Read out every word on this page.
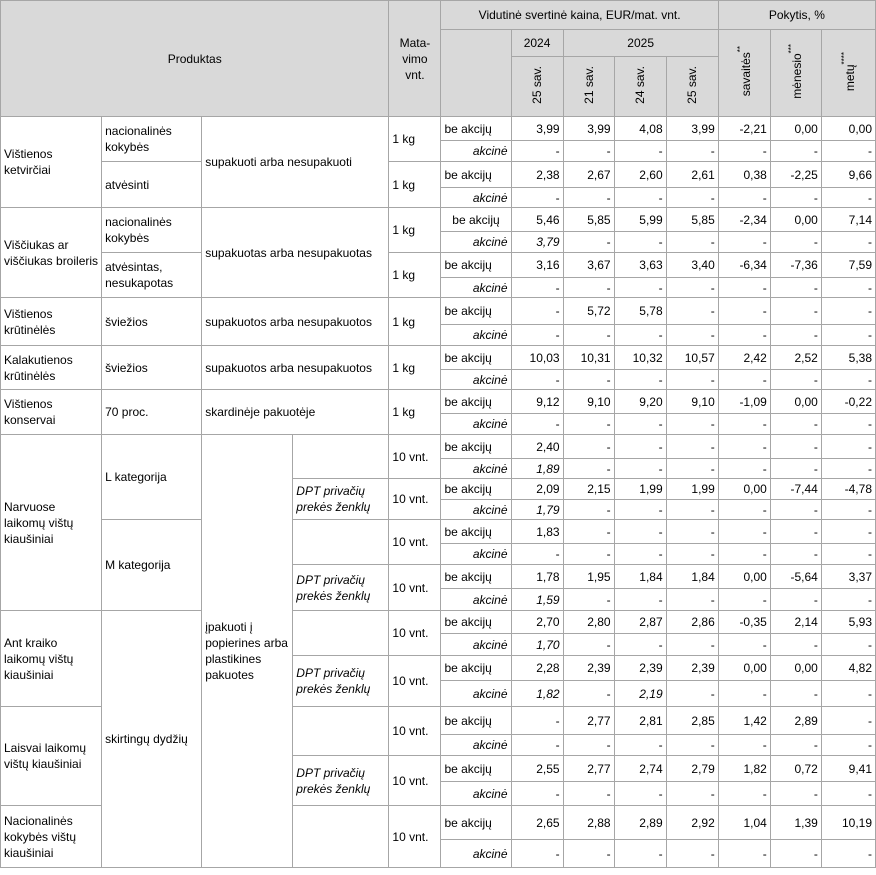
Produktas				Mata-vimo vnt.	Vidutinė svertinė kaina, EUR/mat. vnt.					Pokytis, %		
						2024	2025			savaitės**	mėnesio***	metų****
						25 sav.	21 sav.	24 sav.	25 sav.			
Vištienos ketvirčiai	nacionalinės kokybės	supakuoti arba nesupakuoti		1 kg	be akcijų	3,99	3,99	4,08	3,99	-2,21	0,00	0,00
					akcinė	-	-	-	-	-	-	-
	atvėsinti			1 kg	be akcijų	2,38	2,67	2,60	2,61	0,38	-2,25	9,66
					akcinė	-	-	-	-	-	-	-
Viščiukas ar viščiukas broileris	nacionalinės kokybės	supakuotas arba nesupakuotas		1 kg	be akcijų	5,46	5,85	5,99	5,85	-2,34	0,00	7,14
					akcinė	3,79	-	-	-	-	-	-
	atvėsintas, nesukapotas			1 kg	be akcijų	3,16	3,67	3,63	3,40	-6,34	-7,36	7,59
					akcinė	-	-	-	-	-	-	-
Vištienos krūtinėlės	šviežios	supakuotos arba nesupakuotos		1 kg	be akcijų	-	5,72	5,78	-	-	-	-
					akcinė	-	-	-	-	-	-	-
Kalakutienos krūtinėlės	šviežios	supakuotos arba nesupakuotos		1 kg	be akcijų	10,03	10,31	10,32	10,57	2,42	2,52	5,38
					akcinė	-	-	-	-	-	-	-
Vištienos konservai	70 proc.	skardinėje pakuotėje		1 kg	be akcijų	9,12	9,10	9,20	9,10	-1,09	0,00	-0,22
					akcinė	-	-	-	-	-	-	-
Narvuose laikomų vištų kiaušiniai	L kategorija	įpakuoti į popierines arba plastikines pakuotes		10 vnt.	be akcijų	2,40	-	-	-	-	-	-
					akcinė	1,89	-	-	-	-	-	-
			DPT privačių prekės ženklų	10 vnt.	be akcijų	2,09	2,15	1,99	1,99	0,00	-7,44	-4,78
					akcinė	1,79	-	-	-	-	-	-
	M kategorija			10 vnt.	be akcijų	1,83	-	-	-	-	-	-
					akcinė	-	-	-	-	-	-	-
			DPT privačių prekės ženklų	10 vnt.	be akcijų	1,78	1,95	1,84	1,84	0,00	-5,64	3,37
					akcinė	1,59	-	-	-	-	-	-
Ant kraiko laikomų vištų kiaušiniai	skirtingų dydžių			10 vnt.	be akcijų	2,70	2,80	2,87	2,86	-0,35	2,14	5,93
					akcinė	1,70	-	-	-	-	-	-
			DPT privačių prekės ženklų	10 vnt.	be akcijų	2,28	2,39	2,39	2,39	0,00	0,00	4,82
					akcinė	1,82	-	2,19	-	-	-	-
Laisvai laikomų vištų kiaušiniai				10 vnt.	be akcijų	-	2,77	2,81	2,85	1,42	2,89	-
					akcinė	-	-	-	-	-	-	-
			DPT privačių prekės ženklų	10 vnt.	be akcijų	2,55	2,77	2,74	2,79	1,82	0,72	9,41
					akcinė	-	-	-	-	-	-	-
Nacionalinės kokybės vištų kiaušiniai				10 vnt.	be akcijų	2,65	2,88	2,89	2,92	1,04	1,39	10,19
					akcinė	-	-	-	-	-	-	-
